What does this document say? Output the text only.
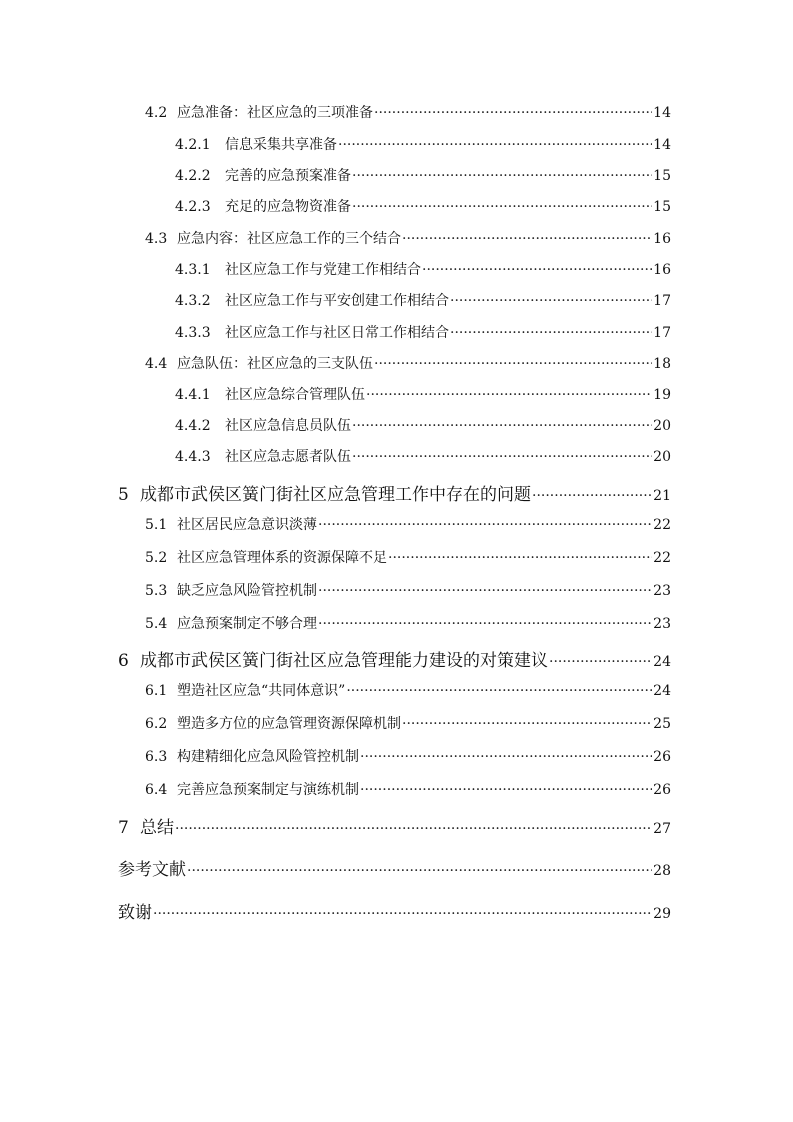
4.2 应急准备：社区应急的三项准备 ·····	14
4.2.1	信息采集共享准备 ·····	14
4.2.2	完善的应急预案准备 ·····	15
4.2.3	充足的应急物资准备 ·····	15
4.3 应急内容：社区应急工作的三个结合 ·····	16
4.3.1	社区应急工作与党建工作相结合 ·····	16
4.3.2	社区应急工作与平安创建工作相结合 ·····	17
4.3.3	社区应急工作与社区日常工作相结合 ·····	17
4.4 应急队伍：社区应急的三支队伍 ·····	18
4.4.1	社区应急综合管理队伍 ·····	19
4.4.2	社区应急信息员队伍 ·····	20
4.4.3	社区应急志愿者队伍 ·····	20
5 成都市武侯区簧门街社区应急管理工作中存在的问题 ·····	21
5.1 社区居民应急意识淡薄 ·····	22
5.2 社区应急管理体系的资源保障不足 ·····	22
5.3 缺乏应急风险管控机制 ·····	23
5.4 应急预案制定不够合理 ·····	23
6 成都市武侯区簧门街社区应急管理能力建设的对策建议 ·····	24
6.1 塑造社区应急“共同体意识” ·····	24
6.2 塑造多方位的应急管理资源保障机制 ·····	25
6.3 构建精细化应急风险管控机制 ·····	26
6.4 完善应急预案制定与演练机制 ·····	26
7 总结 ·····	27
参考文献 ·····	28
致谢 ·····	29
